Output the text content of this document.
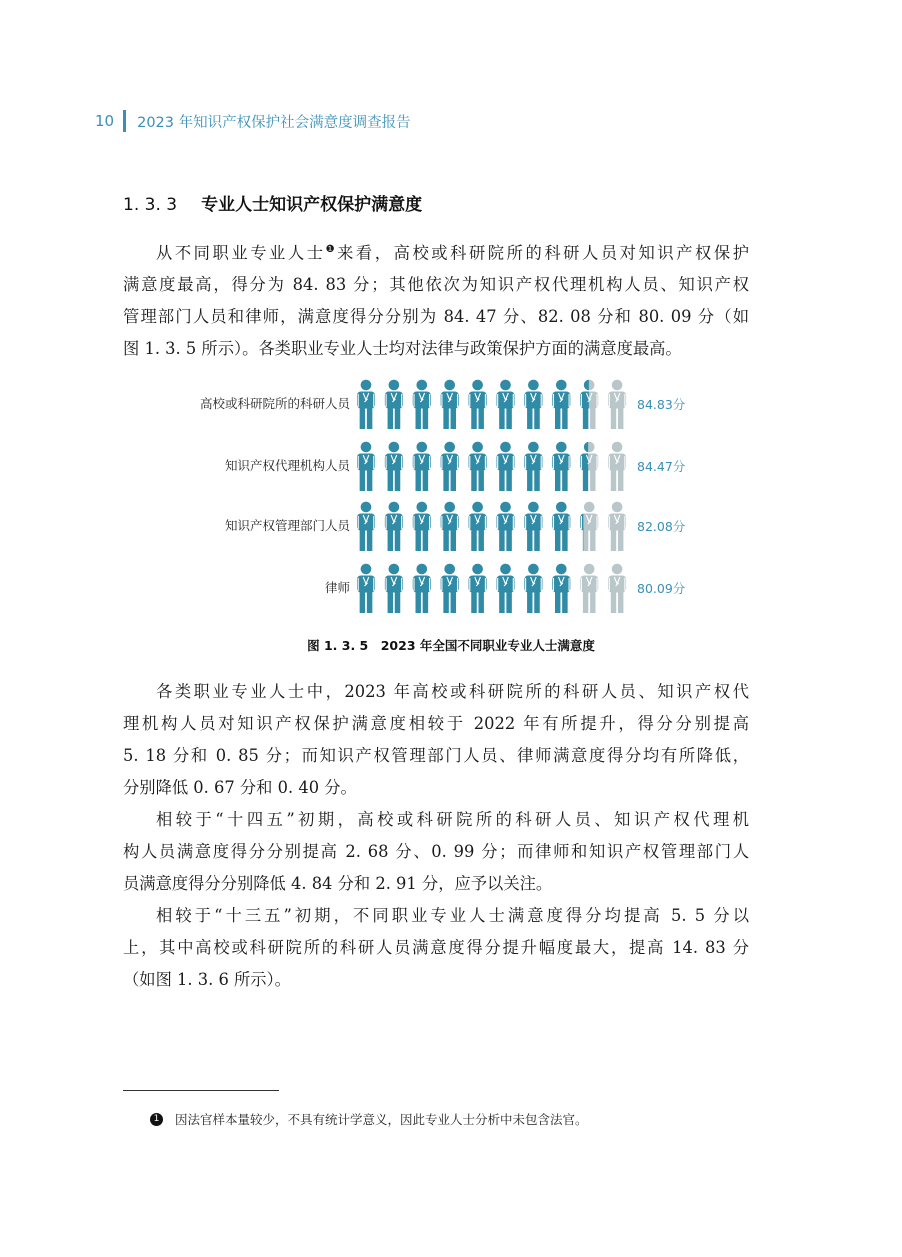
10 2023 年知识产权保护社会满意度调查报告
1. 3. 3 专业人士知识产权保护满意度

从不同职业专业人士$^❶$来看，高校或科研院所的科研人员对知识产权保护
满意度最高，得分为 84. 83 分；其他依次为知识产权代理机构人员、知识产权
管理部门人员和律师，满意度得分分别为 84. 47 分、82. 08 分和 80. 09 分（如
图 1. 3. 5 所示）。各类职业专业人士均对法律与政策保护方面的满意度最高。

高校或科研院所的科研人员	84.83分
知识产权代理机构人员	84.47分
知识产权管理部门人员	82.08分
律师	80.09分
图 1. 3. 5　2023 年全国不同职业专业人士满意度

各类职业专业人士中，2023 年高校或科研院所的科研人员、知识产权代
理机构人员对知识产权保护满意度相较于 2022 年有所提升，得分分别提高
5. 18 分和 0. 85 分；而知识产权管理部门人员、律师满意度得分均有所降低，
分别降低 0. 67 分和 0. 40 分。

相较于“十四五”初期，高校或科研院所的科研人员、知识产权代理机
构人员满意度得分分别提高 2. 68 分、0. 99 分；而律师和知识产权管理部门人
员满意度得分分别降低 4. 84 分和 2. 91 分，应予以关注。

相较于“十三五”初期，不同职业专业人士满意度得分均提高 5. 5 分以
上，其中高校或科研院所的科研人员满意度得分提升幅度最大，提高 14. 83 分
（如图 1. 3. 6 所示）。

1 因法官样本量较少，不具有统计学意义，因此专业人士分析中未包含法官。
